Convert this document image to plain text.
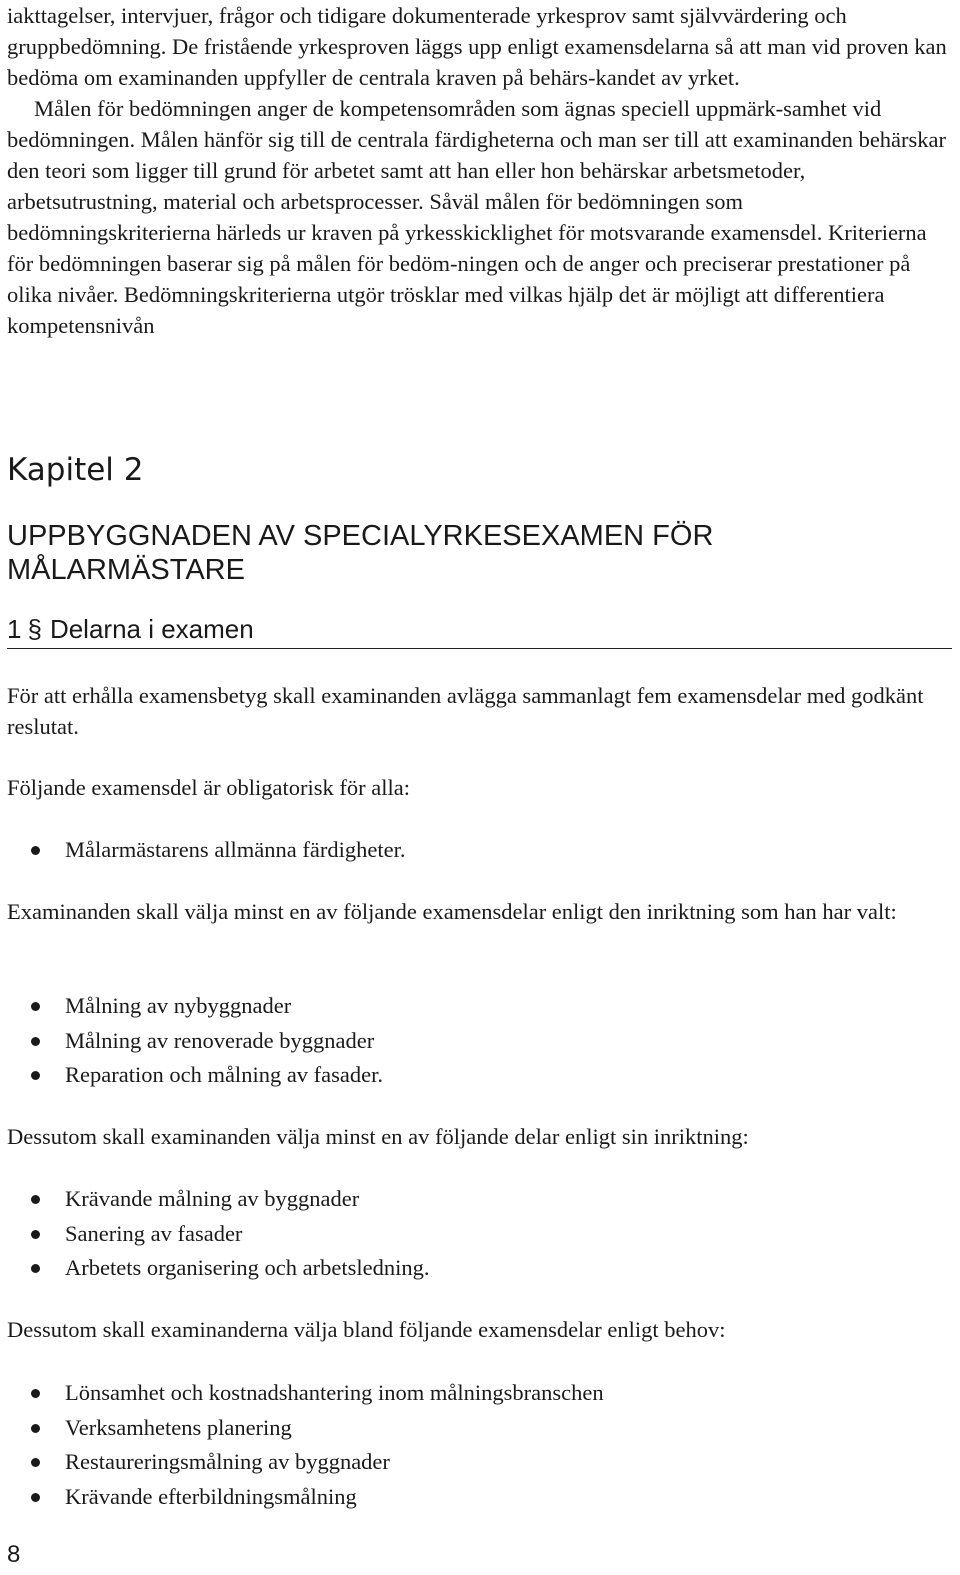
iakttagelser, intervjuer, frågor och tidigare dokumenterade yrkesprov samt självvärdering och gruppbedömning. De fristående yrkesproven läggs upp enligt examensdelarna så att man vid proven kan bedöma om examinanden uppfyller de centrala kraven på behärs-kandet av yrket.

Målen för bedömningen anger de kompetensområden som ägnas speciell uppmärk-samhet vid bedömningen. Målen hänför sig till de centrala färdigheterna och man ser till att examinanden behärskar den teori som ligger till grund för arbetet samt att han eller hon behärskar arbetsmetoder, arbetsutrustning, material och arbetsprocesser. Såväl målen för bedömningen som bedömningskriterierna härleds ur kraven på yrkesskicklighet för motsvarande examensdel. Kriterierna för bedömningen baserar sig på målen för bedöm-ningen och de anger och preciserar prestationer på olika nivåer. Bedömningskriterierna utgör trösklar med vilkas hjälp det är möjligt att differentiera kompetensnivån

Kapitel 2
UPPBYGGNADEN AV SPECIALYRKESEXAMEN FÖR MÅLARMÄSTARE
1 § Delarna i examen

För att erhålla examensbetyg skall examinanden avlägga sammanlagt fem examensdelar med godkänt reslutat.

Följande examensdel är obligatorisk för alla:

Målarmästarens allmänna färdigheter.

Examinanden skall välja minst en av följande examensdelar enligt den inriktning som han har valt:

Målning av nybyggnader
Målning av renoverade byggnader
Reparation och målning av fasader.

Dessutom skall examinanden välja minst en av följande delar enligt sin inriktning:

Krävande målning av byggnader
Sanering av fasader
Arbetets organisering och arbetsledning.

Dessutom skall examinanderna välja bland följande examensdelar enligt behov:

Lönsamhet och kostnadshantering inom målningsbranschen
Verksamhetens planering
Restaureringsmålning av byggnader
Krävande efterbildningsmålning
8
